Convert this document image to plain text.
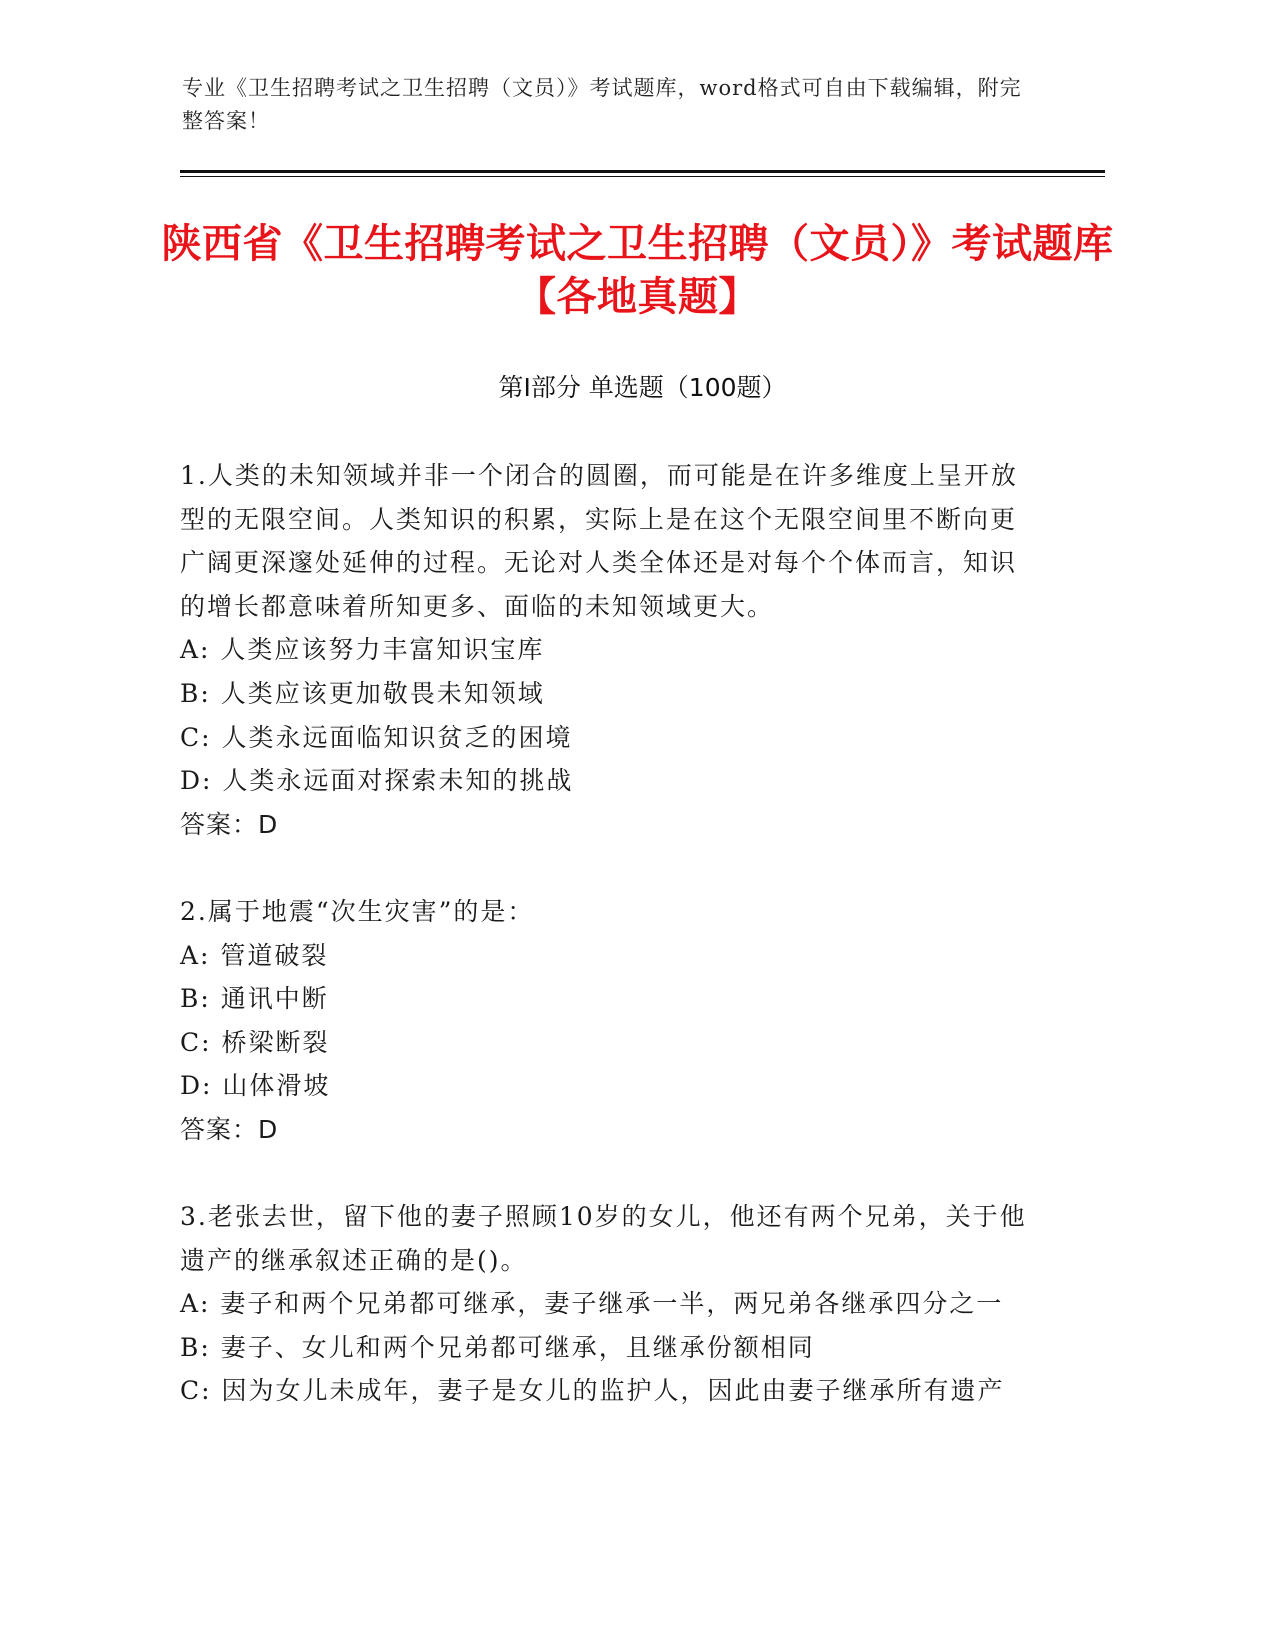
专业《卫生招聘考试之卫生招聘（文员）》考试题库，word格式可自由下载编辑，附完整答案！
陕西省《卫生招聘考试之卫生招聘（文员）》考试题库【各地真题】
第Ⅰ部分 单选题（100题）

1.人类的未知领域并非一个闭合的圆圈，而可能是在许多维度上呈开放型的无限空间。人类知识的积累，实际上是在这个无限空间里不断向更广阔更深邃处延伸的过程。无论对人类全体还是对每个个体而言，知识的增长都意味着所知更多、面临的未知领域更大。

A: 人类应该努力丰富知识宝库

B: 人类应该更加敬畏未知领域

C: 人类永远面临知识贫乏的困境

D: 人类永远面对探索未知的挑战

答案：D

2.属于地震“次生灾害”的是：

A: 管道破裂

B: 通讯中断

C: 桥梁断裂

D: 山体滑坡

答案：D

3.老张去世，留下他的妻子照顾10岁的女儿，他还有两个兄弟，关于他遗产的继承叙述正确的是()。

A: 妻子和两个兄弟都可继承，妻子继承一半，两兄弟各继承四分之一

B: 妻子、女儿和两个兄弟都可继承，且继承份额相同

C: 因为女儿未成年，妻子是女儿的监护人，因此由妻子继承所有遗产
